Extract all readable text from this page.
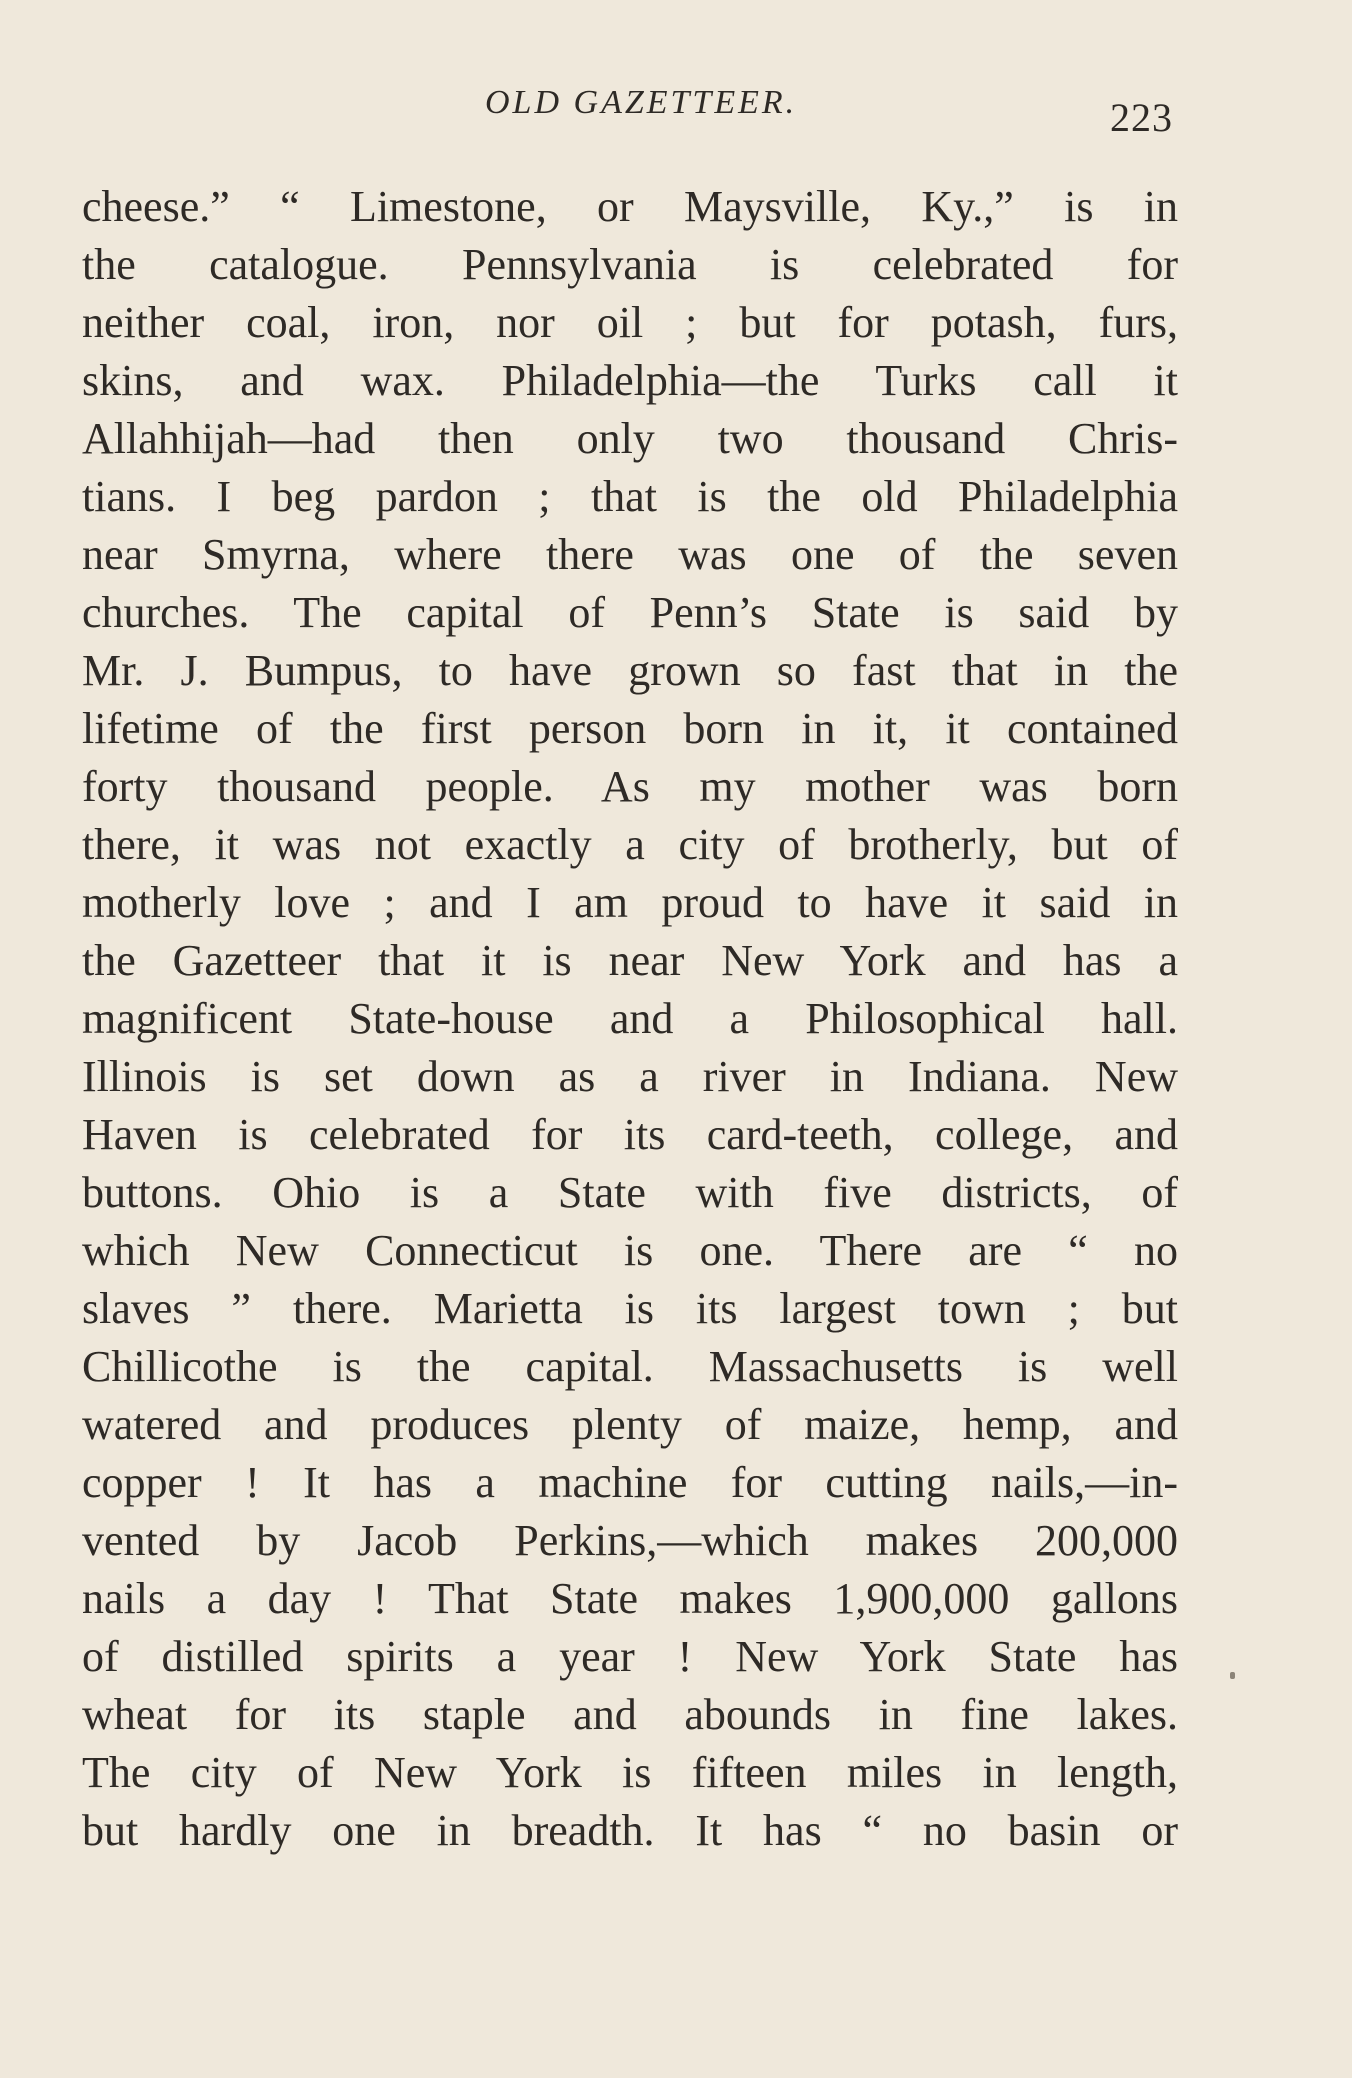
OLD GAZETTEER.	223
cheese.” “ Limestone, or Maysville, Ky.,” is in
the catalogue. Pennsylvania is celebrated for
neither coal, iron, nor oil ; but for potash, furs,
skins, and wax. Philadelphia—the Turks call it
Allahhijah—had then only two thousand Chris-
tians. I beg pardon ; that is the old Philadelphia
near Smyrna, where there was one of the seven
churches. The capital of Penn’s State is said by
Mr. J. Bumpus, to have grown so fast that in the
lifetime of the first person born in it, it contained
forty thousand people. As my mother was born
there, it was not exactly a city of brotherly, but of
motherly love ; and I am proud to have it said in
the Gazetteer that it is near New York and has a
magnificent State-house and a Philosophical hall.
Illinois is set down as a river in Indiana. New
Haven is celebrated for its card-teeth, college, and
buttons. Ohio is a State with five districts, of
which New Connecticut is one. There are “ no
slaves ” there. Marietta is its largest town ; but
Chillicothe is the capital. Massachusetts is well
watered and produces plenty of maize, hemp, and
copper ! It has a machine for cutting nails,—in-
vented by Jacob Perkins,—which makes 200,000
nails a day ! That State makes 1,900,000 gallons
of distilled spirits a year ! New York State has
wheat for its staple and abounds in fine lakes.
The city of New York is fifteen miles in length,
but hardly one in breadth. It has “ no basin or
